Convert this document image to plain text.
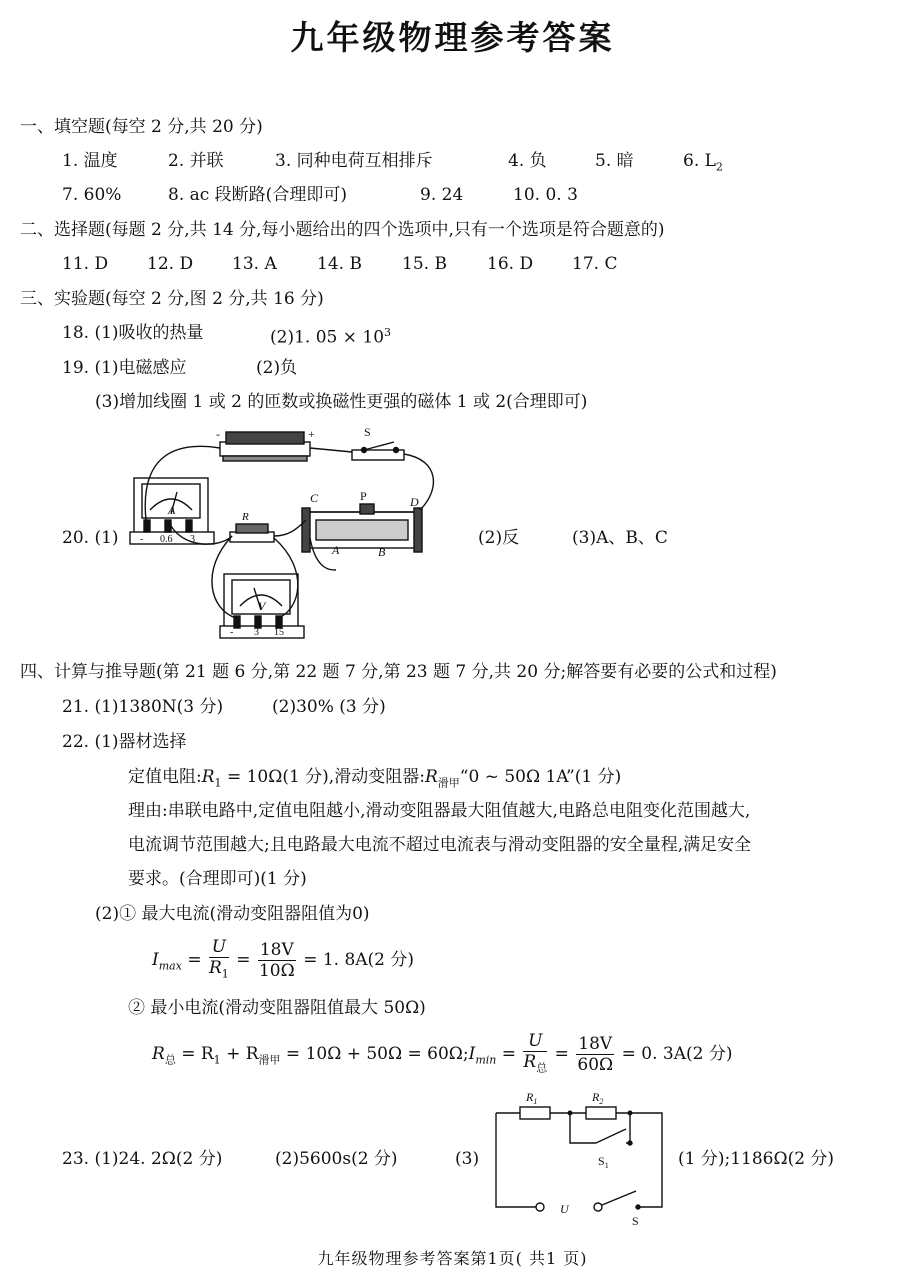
九年级物理参考答案
一、填空题(每空 2 分,共 20 分)
1. 温度	2. 并联	3. 同种电荷互相排斥	4. 负	5. 暗	6. $L_2$
7. 60%	8. ac 段断路(合理即可)	9. 24	10. 0. 3
二、选择题(每题 2 分,共 14 分,每小题给出的四个选项中,只有一个选项是符合题意的)
11. D 12. D 13. A 14. B 15. B 16. D 17. C
三、实验题(每空 2 分,图 2 分,共 16 分)
18. (1)吸收的热量	(2)1. $05 \times 10^3$
19. (1)电磁感应	(2)负
(3)增加线圈 1 或 2 的匝数或换磁性更强的磁体 1 或 2(合理即可)
20. (1)	(2)反	(3)A、B、C
-	+	S
A
- 0.6 3
R
C	P	D
A	B
V
- 3 15
四、计算与推导题(第 21 题 6 分,第 22 题 7 分,第 23 题 7 分,共 20 分;解答要有必要的公式和过程)
21. (1)1380N(3 分)	(2)30% (3 分)
22. (1)器材选择
定值电阻$:R_1 = 10\Omega(1$ 分),滑动变阻器$:R_{滑甲}“0$ ~ 50Ω 1A”(1 分)
理由:串联电路中,定值电阻越小,滑动变阻器最大阻值越大,电路总电阻变化范围越大,
电流调节范围越大;且电路最大电流不超过电流表与滑动变阻器的安全量程,满足安全
要求。(合理即可)(1 分)
(2)① 最大电流(滑动变阻器阻值为0)
$I_{max} = \frac{U}{R_1} = \frac{18V}{10\Omega} = 1$. 8A(2 分)
② 最小电流(滑动变阻器阻值最大 50Ω)
$R_总 = R_1 + R_{滑甲} = 10\Omega + 50\Omega$ = $60\Omega;I_{min} = \frac{U}{R_总} = \frac{18V}{60\Omega} = 0$. 3A(2 分)
23. (1)24. 2Ω(2 分)	(2)5600s(2 分)	(3)	(1 分);1186Ω(2 分)
$R_1$	$R_2$
$S_1$
U
S
九年级物理参考答案第1页( 共1 页)
